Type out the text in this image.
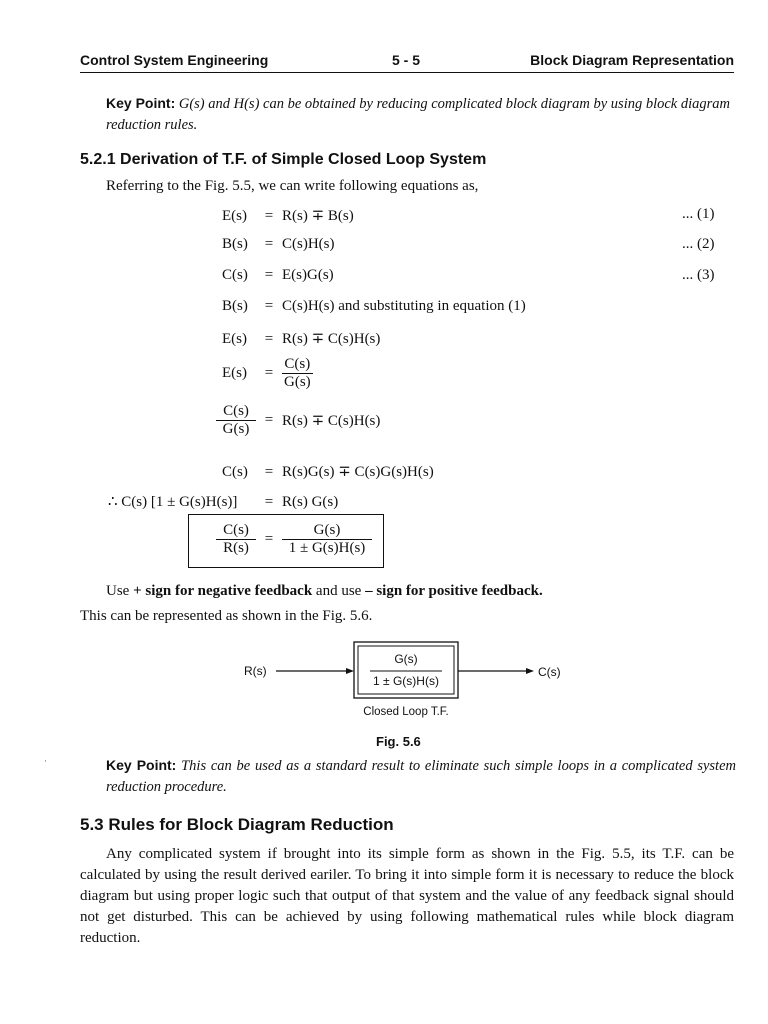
Control System Engineering	5 - 5	Block Diagram Representation
Key Point: G(s) and H(s) can be obtained by reducing complicated block diagram by using block diagram reduction rules.
5.2.1 Derivation of T.F. of Simple Closed Loop System
Referring to the Fig. 5.5, we can write following equations as,
E(s) = R(s) ∓ B(s)	... (1)
B(s) = C(s)H(s)	... (2)
C(s) = E(s)G(s)	... (3)
B(s) = C(s)H(s) and substituting in equation (1)
E(s) = R(s) ∓ C(s)H(s)
$E(s) = \frac{C(s)}{G(s)}$
$\frac{C(s)}{G(s)} = R(s) \mp C(s)H(s)$
C(s) = R(s)G(s) ∓ C(s)G(s)H(s)
∴ C(s) [1 ± G(s)H(s)] = R(s) G(s)
$\frac{C(s)}{R(s)} = \frac{G(s)}{1 \pm G(s)H(s)}$
Use + sign for negative feedback and use – sign for positive feedback.
This can be represented as shown in the Fig. 5.6.
R(s)	C(s)
G(s)
1 ± G(s)H(s)
Closed Loop T.F.
Fig. 5.6
Key Point: This can be used as a standard result to eliminate such simple loops in a complicated system reduction procedure.
5.3 Rules for Block Diagram Reduction
Any complicated system if brought into its simple form as shown in the Fig. 5.5, its T.F. can be calculated by using the result derived eariler. To bring it into simple form it is necessary to reduce the block diagram but using proper logic such that output of that system and the value of any feedback signal should not get disturbed. This can be achieved by using following mathematical rules while block diagram reduction.
·
